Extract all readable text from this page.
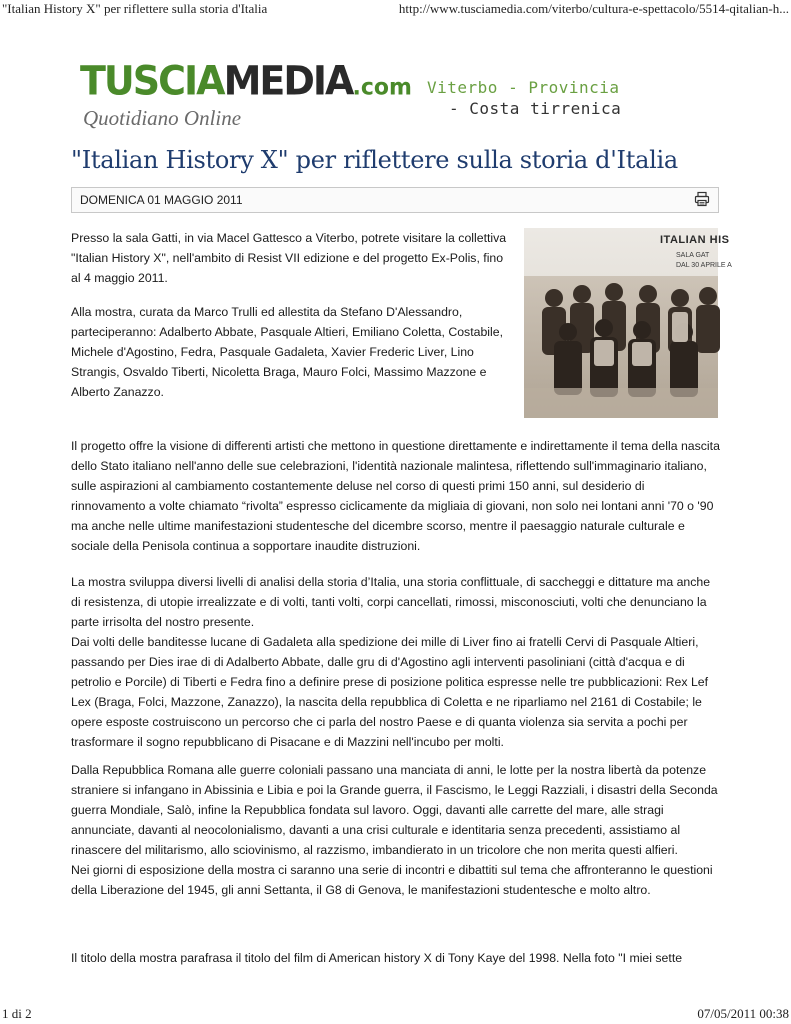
"Italian History X" per riflettere sulla storia d'Italia	http://www.tusciamedia.com/viterbo/cultura-e-spettacolo/5514-qitalian-h...
TUSCIAMEDIA.com
Quotidiano Online
Viterbo - Provincia
- Costa tirrenica
"Italian History X" per riflettere sulla storia d'Italia
DOMENICA 01 MAGGIO 2011

Presso la sala Gatti, in via Macel Gattesco a Viterbo, potrete visitare la collettiva "Italian History X", nell'ambito di Resist VII edizione e del progetto Ex-Polis, fino al 4 maggio 2011.

Alla mostra, curata da Marco Trulli ed allestita da Stefano D'Alessandro, parteciperanno: Adalberto Abbate, Pasquale Altieri, Emiliano Coletta, Costabile, Michele d'Agostino, Fedra, Pasquale Gadaleta, Xavier Frederic Liver, Lino Strangis, Osvaldo Tiberti, Nicoletta Braga, Mauro Folci, Massimo Mazzone e Alberto Zanazzo.

ITALIAN HIS
SALA GAT
DAL 30 APRILE A

Il progetto offre la visione di differenti artisti che mettono in questione direttamente e indirettamente il tema della nascita dello Stato italiano nell'anno delle sue celebrazioni, l'identità nazionale malintesa, riflettendo sull'immaginario italiano, sulle aspirazioni al cambiamento costantemente deluse nel corso di questi primi 150 anni, sul desiderio di rinnovamento a volte chiamato “rivolta” espresso ciclicamente da migliaia di giovani, non solo nei lontani anni '70 o '90 ma anche nelle ultime manifestazioni studentesche del dicembre scorso, mentre il paesaggio naturale culturale e sociale della Penisola continua a sopportare inaudite distruzioni.

La mostra sviluppa diversi livelli di analisi della storia d’Italia, una storia conflittuale, di saccheggi e dittature ma anche di resistenza, di utopie irrealizzate e di volti, tanti volti, corpi cancellati, rimossi, misconosciuti, volti che denunciano la parte irrisolta del nostro presente.

Dai volti delle banditesse lucane di Gadaleta alla spedizione dei mille di Liver fino ai fratelli Cervi di Pasquale Altieri, passando per Dies irae di di Adalberto Abbate, dalle gru di d'Agostino agli interventi pasoliniani (città d'acqua e di petrolio e Porcile) di Tiberti e Fedra fino a definire prese di posizione politica espresse nelle tre pubblicazioni: Rex Lef Lex (Braga, Folci, Mazzone, Zanazzo), la nascita della repubblica di Coletta e ne riparliamo nel 2161 di Costabile; le opere esposte costruiscono un percorso che ci parla del nostro Paese e di quanta violenza sia servita a pochi per trasformare il sogno repubblicano di Pisacane e di Mazzini nell'incubo per molti.

Dalla Repubblica Romana alle guerre coloniali passano una manciata di anni, le lotte per la nostra libertà da potenze straniere si infangano in Abissinia e Libia e poi la Grande guerra, il Fascismo, le Leggi Razziali, i disastri della Seconda guerra Mondiale, Salò, infine la Repubblica fondata sul lavoro. Oggi, davanti alle carrette del mare, alle stragi annunciate, davanti al neocolonialismo, davanti a una crisi culturale e identitaria senza precedenti, assistiamo al rinascere del militarismo, allo sciovinismo, al razzismo, imbandierato in un tricolore che non merita questi alfieri.

Nei giorni di esposizione della mostra ci saranno una serie di incontri e dibattiti sul tema che affronteranno le questioni della Liberazione del 1945, gli anni Settanta, il G8 di Genova, le manifestazioni studentesche e molto altro.

Il titolo della mostra parafrasa il titolo del film di American history X di Tony Kaye del 1998. Nella foto "I miei sette

1 di 2	07/05/2011 00:38
